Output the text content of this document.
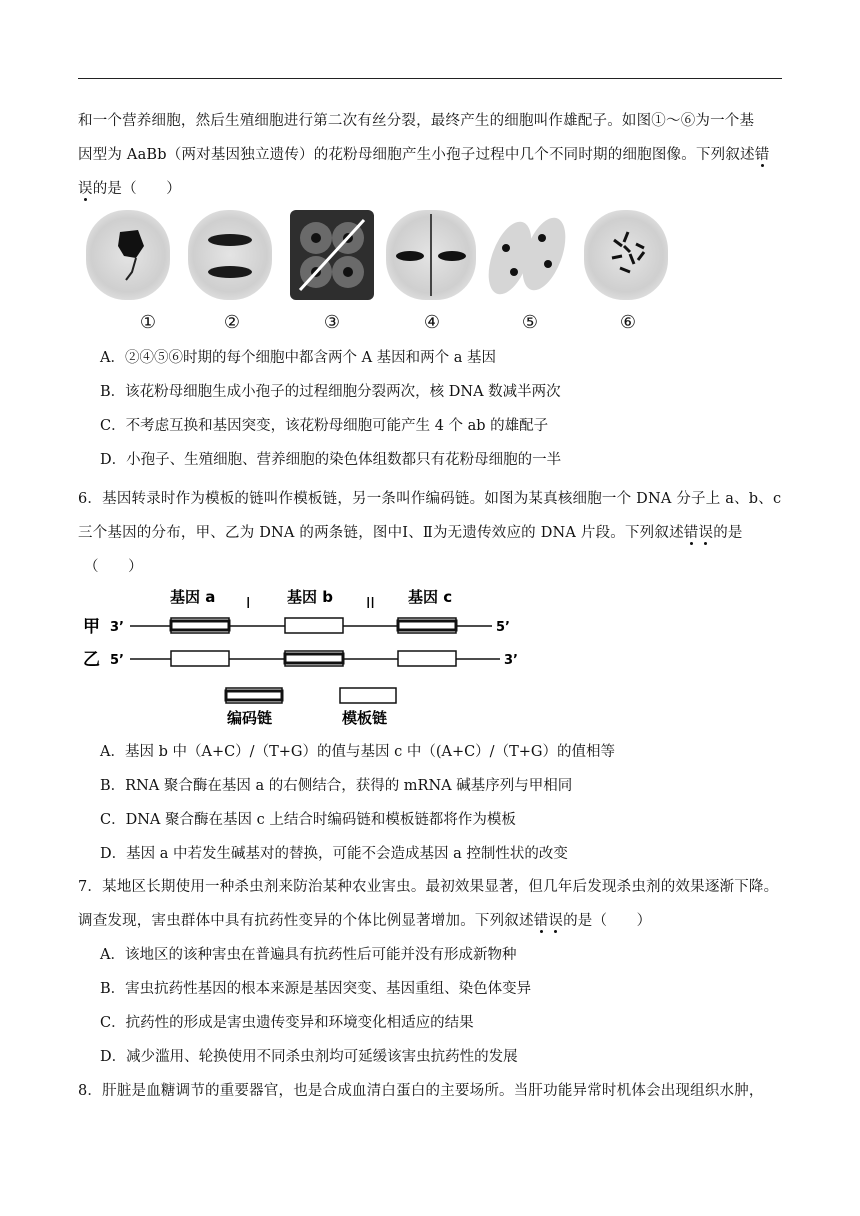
和一个营养细胞，然后生殖细胞进行第二次有丝分裂，最终产生的细胞叫作雄配子。如图①～⑥为一个基
因型为 AaBb（两对基因独立遗传）的花粉母细胞产生小孢子过程中几个不同时期的细胞图像。下列叙述错
误的是（　　）
①	②	③	④	⑤	⑥
A．②④⑤⑥时期的每个细胞中都含两个 A 基因和两个 a 基因
B．该花粉母细胞生成小孢子的过程细胞分裂两次，核 DNA 数减半两次
C．不考虑互换和基因突变，该花粉母细胞可能产生 4 个 ab 的雄配子
D．小孢子、生殖细胞、营养细胞的染色体组数都只有花粉母细胞的一半
6．基因转录时作为模板的链叫作模板链，另一条叫作编码链。如图为某真核细胞一个 DNA 分子上 a、b、c
三个基因的分布，甲、乙为 DNA 的两条链，图中Ⅰ、Ⅱ为无遗传效应的 DNA 片段。下列叙述错误的是
（　　）
基因 a I 基因 b II 基因 c
甲 3’	5’
乙 5’	3’
编码链	模板链
A．基因 b 中（A+C）/（T+G）的值与基因 c 中（(A+C）/（T+G）的值相等
B．RNA 聚合酶在基因 a 的右侧结合，获得的 mRNA 碱基序列与甲相同
C．DNA 聚合酶在基因 c 上结合时编码链和模板链都将作为模板
D．基因 a 中若发生碱基对的替换，可能不会造成基因 a 控制性状的改变
7．某地区长期使用一种杀虫剂来防治某种农业害虫。最初效果显著，但几年后发现杀虫剂的效果逐渐下降。
调查发现，害虫群体中具有抗药性变异的个体比例显著增加。下列叙述错误的是（　　）
A．该地区的该种害虫在普遍具有抗药性后可能并没有形成新物种
B．害虫抗药性基因的根本来源是基因突变、基因重组、染色体变异
C．抗药性的形成是害虫遗传变异和环境变化相适应的结果
D．减少滥用、轮换使用不同杀虫剂均可延缓该害虫抗药性的发展
8．肝脏是血糖调节的重要器官，也是合成血清白蛋白的主要场所。当肝功能异常时机体会出现组织水肿，
